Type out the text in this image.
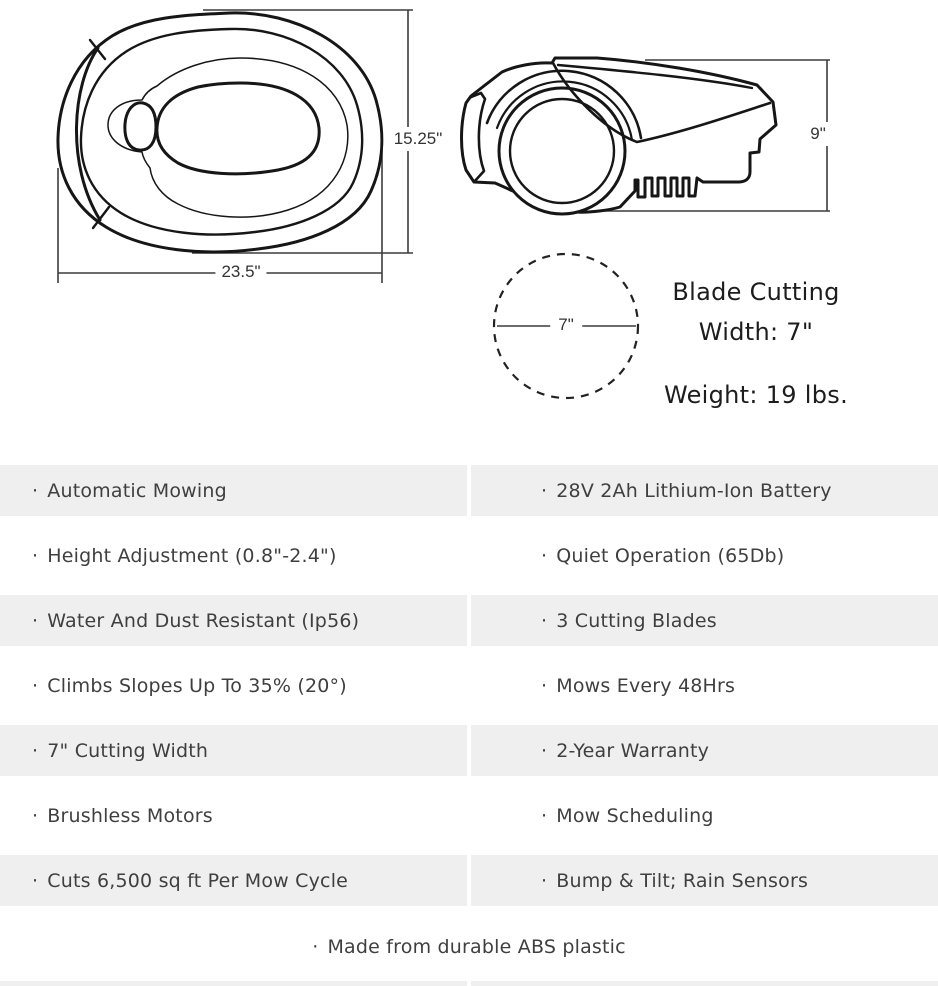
15.25"
23.5"
9"
7"
Blade Cutting Width: 7"
Weight: 19 lbs.
· Automatic Mowing
· Height Adjustment (0.8"-2.4")
· Water And Dust Resistant (Ip56)
· Climbs Slopes Up To 35% (20°)
· 7" Cutting Width
· Brushless Motors
· Cuts 6,500 sq ft Per Mow Cycle
· 28V 2Ah Lithium-Ion Battery
· Quiet Operation (65Db)
· 3 Cutting Blades
· Mows Every 48Hrs
· 2-Year Warranty
· Mow Scheduling
· Bump & Tilt; Rain Sensors
· Made from durable ABS plastic
